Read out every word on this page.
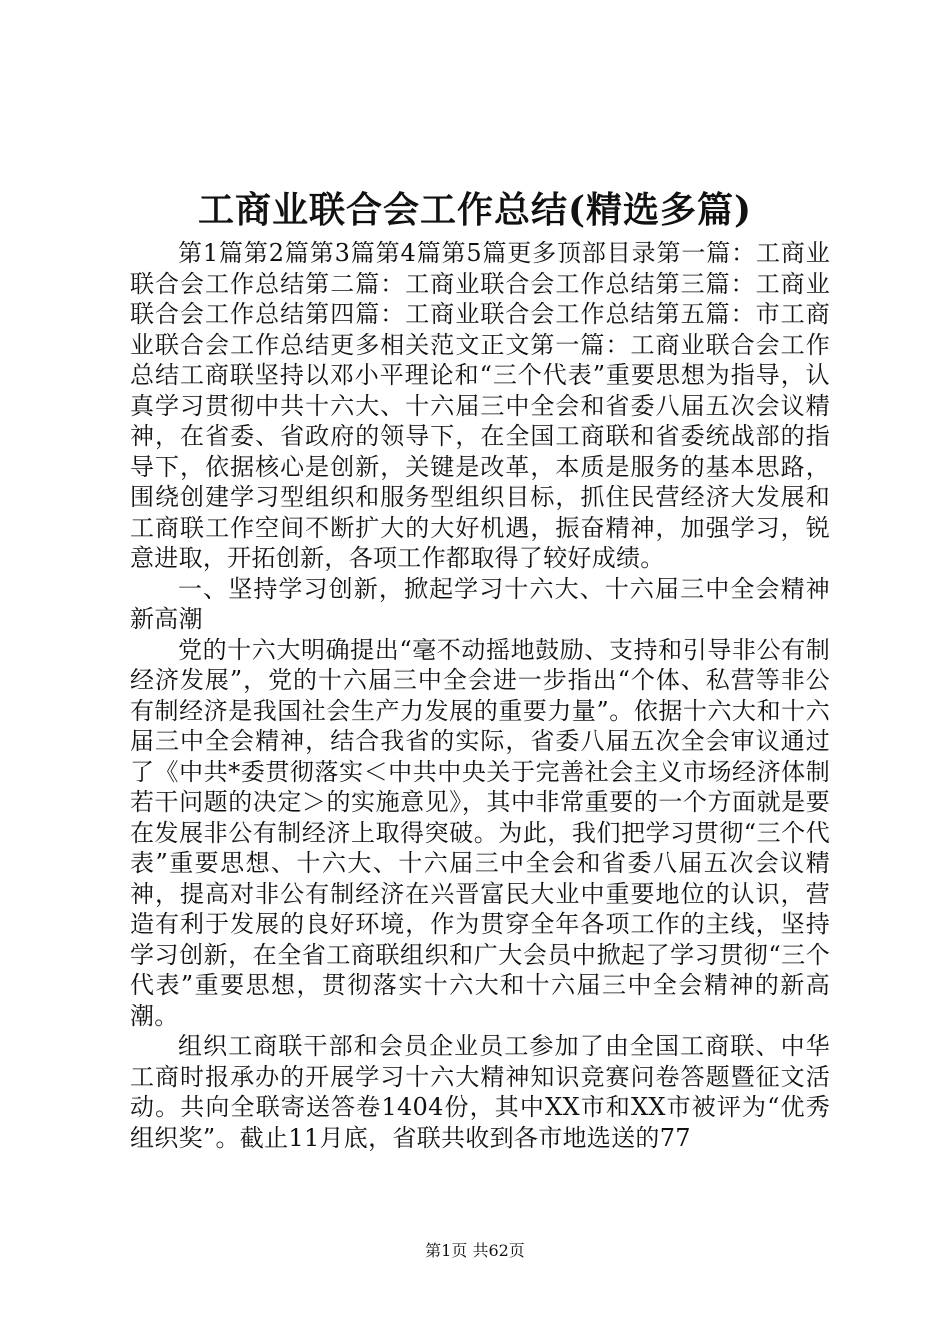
工商业联合会工作总结(精选多篇)

第1篇第2篇第3篇第4篇第5篇更多顶部目录第一篇：工商业联合会工作总结第二篇：工商业联合会工作总结第三篇：工商业联合会工作总结第四篇：工商业联合会工作总结第五篇：市工商业联合会工作总结更多相关范文正文第一篇：工商业联合会工作总结工商联坚持以邓小平理论和“三个代表”重要思想为指导，认真学习贯彻中共十六大、十六届三中全会和省委八届五次会议精神，在省委、省政府的领导下，在全国工商联和省委统战部的指导下，依据核心是创新，关键是改革，本质是服务的基本思路，围绕创建学习型组织和服务型组织目标，抓住民营经济大发展和工商联工作空间不断扩大的大好机遇，振奋精神，加强学习，锐意进取，开拓创新，各项工作都取得了较好成绩。

一、坚持学习创新，掀起学习十六大、十六届三中全会精神新高潮

党的十六大明确提出“毫不动摇地鼓励、支持和引导非公有制经济发展”，党的十六届三中全会进一步指出“个体、私营等非公有制经济是我国社会生产力发展的重要力量”。依据十六大和十六届三中全会精神，结合我省的实际，省委八届五次全会审议通过了《中共*委贯彻落实＜中共中央关于完善社会主义市场经济体制若干问题的决定＞的实施意见》，其中非常重要的一个方面就是要在发展非公有制经济上取得突破。为此，我们把学习贯彻“三个代表”重要思想、十六大、十六届三中全会和省委八届五次会议精神，提高对非公有制经济在兴晋富民大业中重要地位的认识，营造有利于发展的良好环境，作为贯穿全年各项工作的主线，坚持学习创新，在全省工商联组织和广大会员中掀起了学习贯彻“三个代表”重要思想，贯彻落实十六大和十六届三中全会精神的新高潮。

组织工商联干部和会员企业员工参加了由全国工商联、中华工商时报承办的开展学习十六大精神知识竞赛问卷答题暨征文活动。共向全联寄送答卷1404份，其中XX市和XX市被评为“优秀组织奖”。截止11月底，省联共收到各市地选送的77

第1页 共62页
